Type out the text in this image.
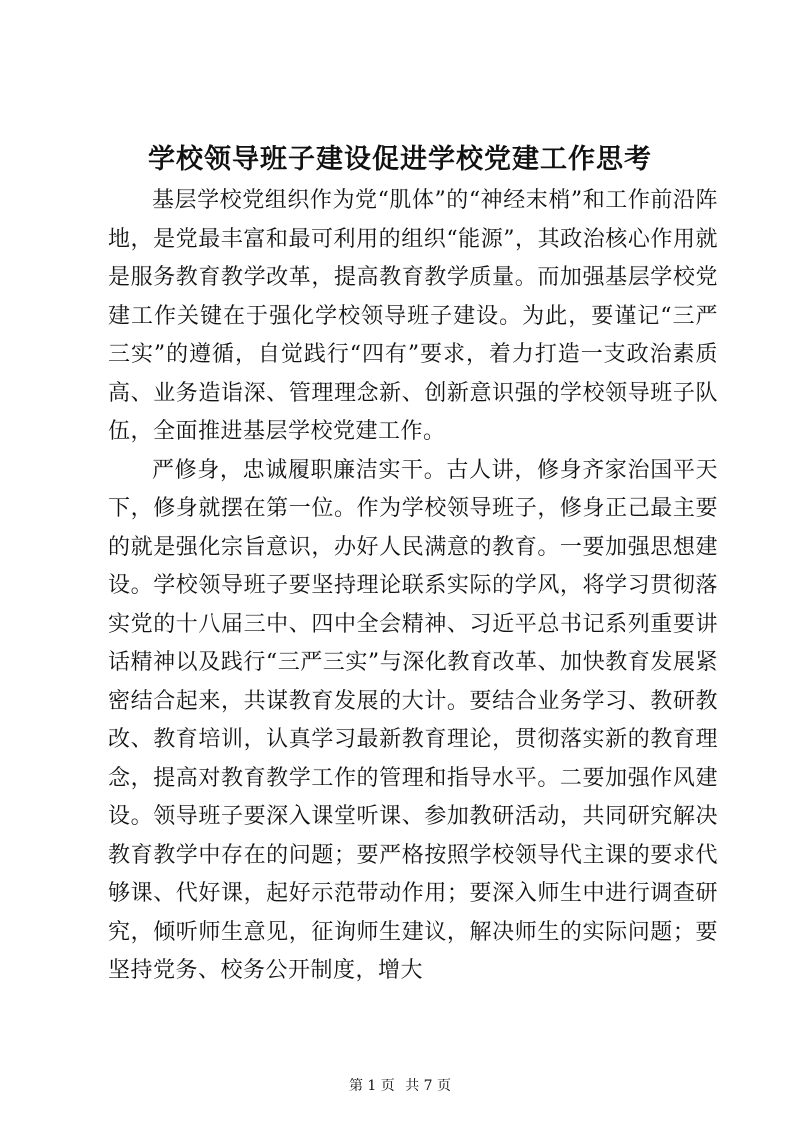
学校领导班子建设促进学校党建工作思考

基层学校党组织作为党“肌体”的“神经末梢”和工作前沿阵地，是党最丰富和最可利用的组织“能源”，其政治核心作用就是服务教育教学改革，提高教育教学质量。而加强基层学校党建工作关键在于强化学校领导班子建设。为此，要谨记“三严三实”的遵循，自觉践行“四有”要求，着力打造一支政治素质高、业务造诣深、管理理念新、创新意识强的学校领导班子队伍，全面推进基层学校党建工作。

严修身，忠诚履职廉洁实干。古人讲，修身齐家治国平天下，修身就摆在第一位。作为学校领导班子，修身正己最主要的就是强化宗旨意识，办好人民满意的教育。一要加强思想建设。学校领导班子要坚持理论联系实际的学风，将学习贯彻落实党的十八届三中、四中全会精神、习近平总书记系列重要讲话精神以及践行“三严三实”与深化教育改革、加快教育发展紧密结合起来，共谋教育发展的大计。要结合业务学习、教研教改、教育培训，认真学习最新教育理论，贯彻落实新的教育理念，提高对教育教学工作的管理和指导水平。二要加强作风建设。领导班子要深入课堂听课、参加教研活动，共同研究解决教育教学中存在的问题；要严格按照学校领导代主课的要求代够课、代好课，起好示范带动作用；要深入师生中进行调查研究，倾听师生意见，征询师生建议，解决师生的实际问题；要坚持党务、校务公开制度，增大

第 1 页 共 7 页
